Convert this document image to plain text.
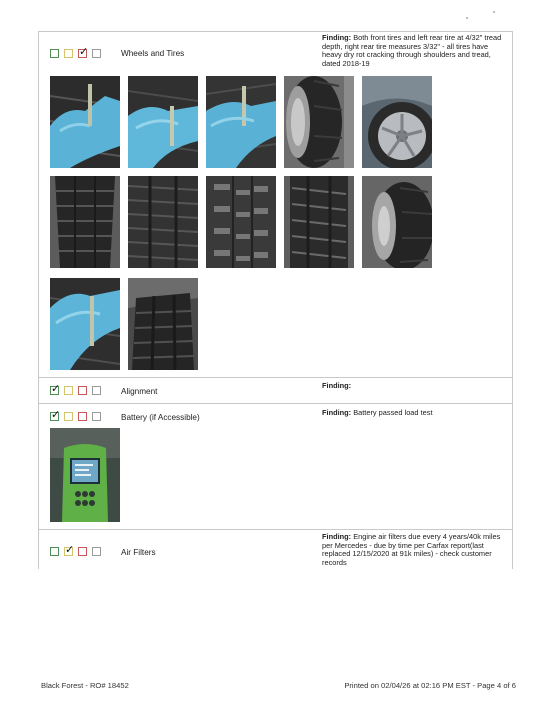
✓	Wheels and Tires
Finding: Both front tires and left rear tire at 4/32" tread depth, right rear tire measures 3/32" - all tires have heavy dry rot cracking through shoulders and tread, dated 2018-19
✓	Alignment
Finding:
✓	Battery (if Accessible)
Finding: Battery passed load test
✓	Air Filters
Finding: Engine air filters due every 4 years/40k miles per Mercedes - due by time per Carfax report(last replaced 12/15/2020 at 91k miles) - check customer records
Black Forest - RO# 18452	Printed on 02/04/26 at 02:16 PM EST - Page 4 of 6
